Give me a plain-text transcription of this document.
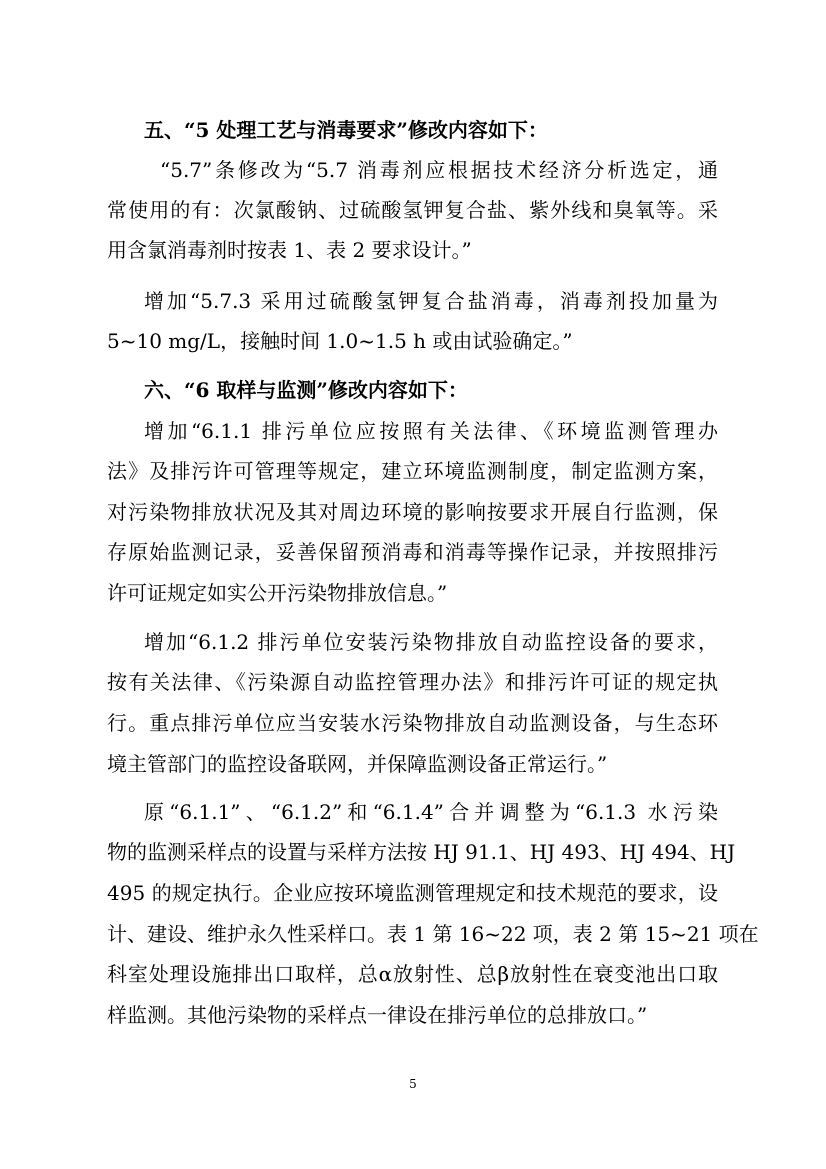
五、“5 处理工艺与消毒要求”修改内容如下：
“5.7”条修改为“5.7 消毒剂应根据技术经济分析选定，通
常使用的有：次氯酸钠、过硫酸氢钾复合盐、紫外线和臭氧等。采
用含氯消毒剂时按表 1、表 2 要求设计。”
增加“5.7.3 采用过硫酸氢钾复合盐消毒，消毒剂投加量为
5~10 mg/L，接触时间 1.0~1.5 h 或由试验确定。”
六、“6 取样与监测”修改内容如下：
增加“6.1.1 排污单位应按照有关法律、《环境监测管理办
法》及排污许可管理等规定，建立环境监测制度，制定监测方案，
对污染物排放状况及其对周边环境的影响按要求开展自行监测，保
存原始监测记录，妥善保留预消毒和消毒等操作记录，并按照排污
许可证规定如实公开污染物排放信息。”
增加“6.1.2 排污单位安装污染物排放自动监控设备的要求，
按有关法律、《污染源自动监控管理办法》和排污许可证的规定执
行。重点排污单位应当安装水污染物排放自动监测设备，与生态环
境主管部门的监控设备联网，并保障监测设备正常运行。”
原“6.1.1”、“6.1.2”和“6.1.4”合并调整为“6.1.3 水污染
物的监测采样点的设置与采样方法按 HJ 91.1、HJ 493、HJ 494、HJ
495 的规定执行。企业应按环境监测管理规定和技术规范的要求，设
计、建设、维护永久性采样口。表 1 第 16~22 项，表 2 第 15~21 项在
科室处理设施排出口取样，总α放射性、总β放射性在衰变池出口取
样监测。其他污染物的采样点一律设在排污单位的总排放口。”
5
